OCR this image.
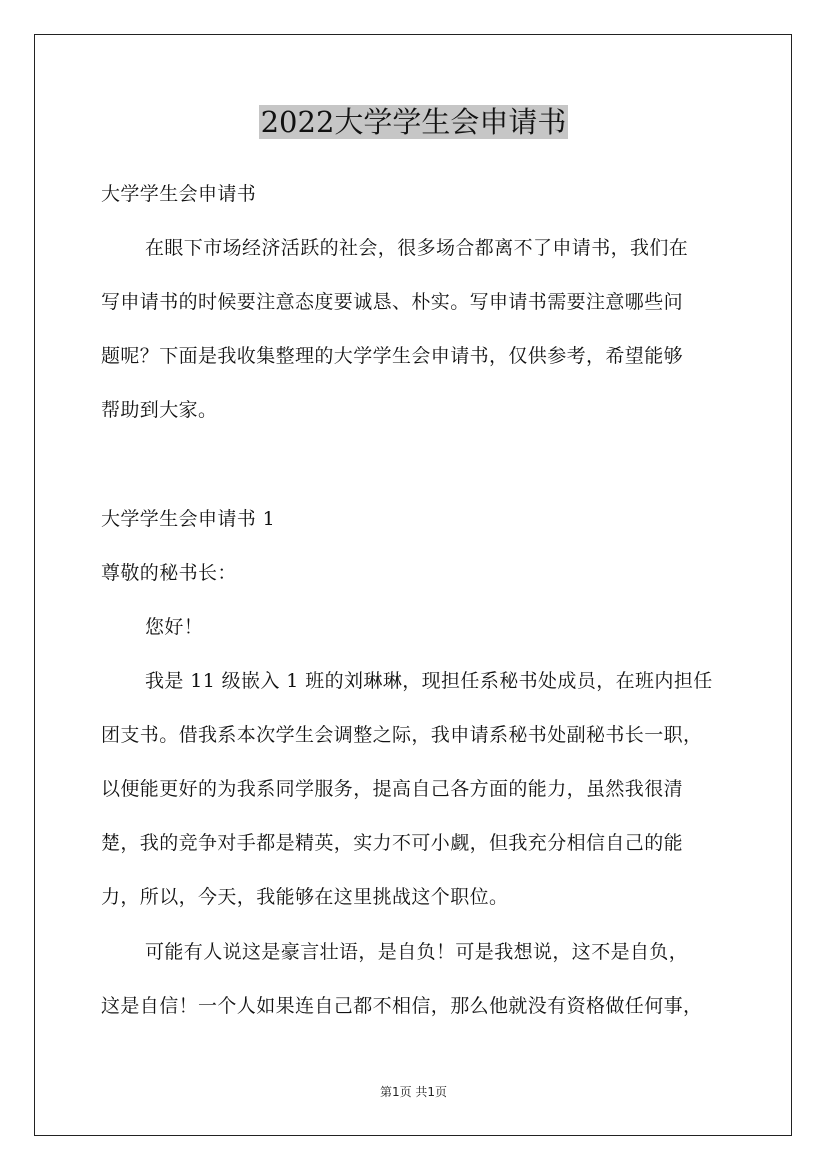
2022大学学生会申请书
大学学生会申请书
在眼下市场经济活跃的社会，很多场合都离不了申请书，我们在
写申请书的时候要注意态度要诚恳、朴实。写申请书需要注意哪些问
题呢？下面是我收集整理的大学学生会申请书，仅供参考，希望能够
帮助到大家。
大学学生会申请书 1
尊敬的秘书长：
您好！
我是 11 级嵌入 1 班的刘琳琳，现担任系秘书处成员，在班内担任
团支书。借我系本次学生会调整之际，我申请系秘书处副秘书长一职，
以便能更好的为我系同学服务，提高自己各方面的能力，虽然我很清
楚，我的竞争对手都是精英，实力不可小觑，但我充分相信自己的能
力，所以，今天，我能够在这里挑战这个职位。
可能有人说这是豪言壮语，是自负！可是我想说，这不是自负，
这是自信！一个人如果连自己都不相信，那么他就没有资格做任何事，
第1页 共1页
